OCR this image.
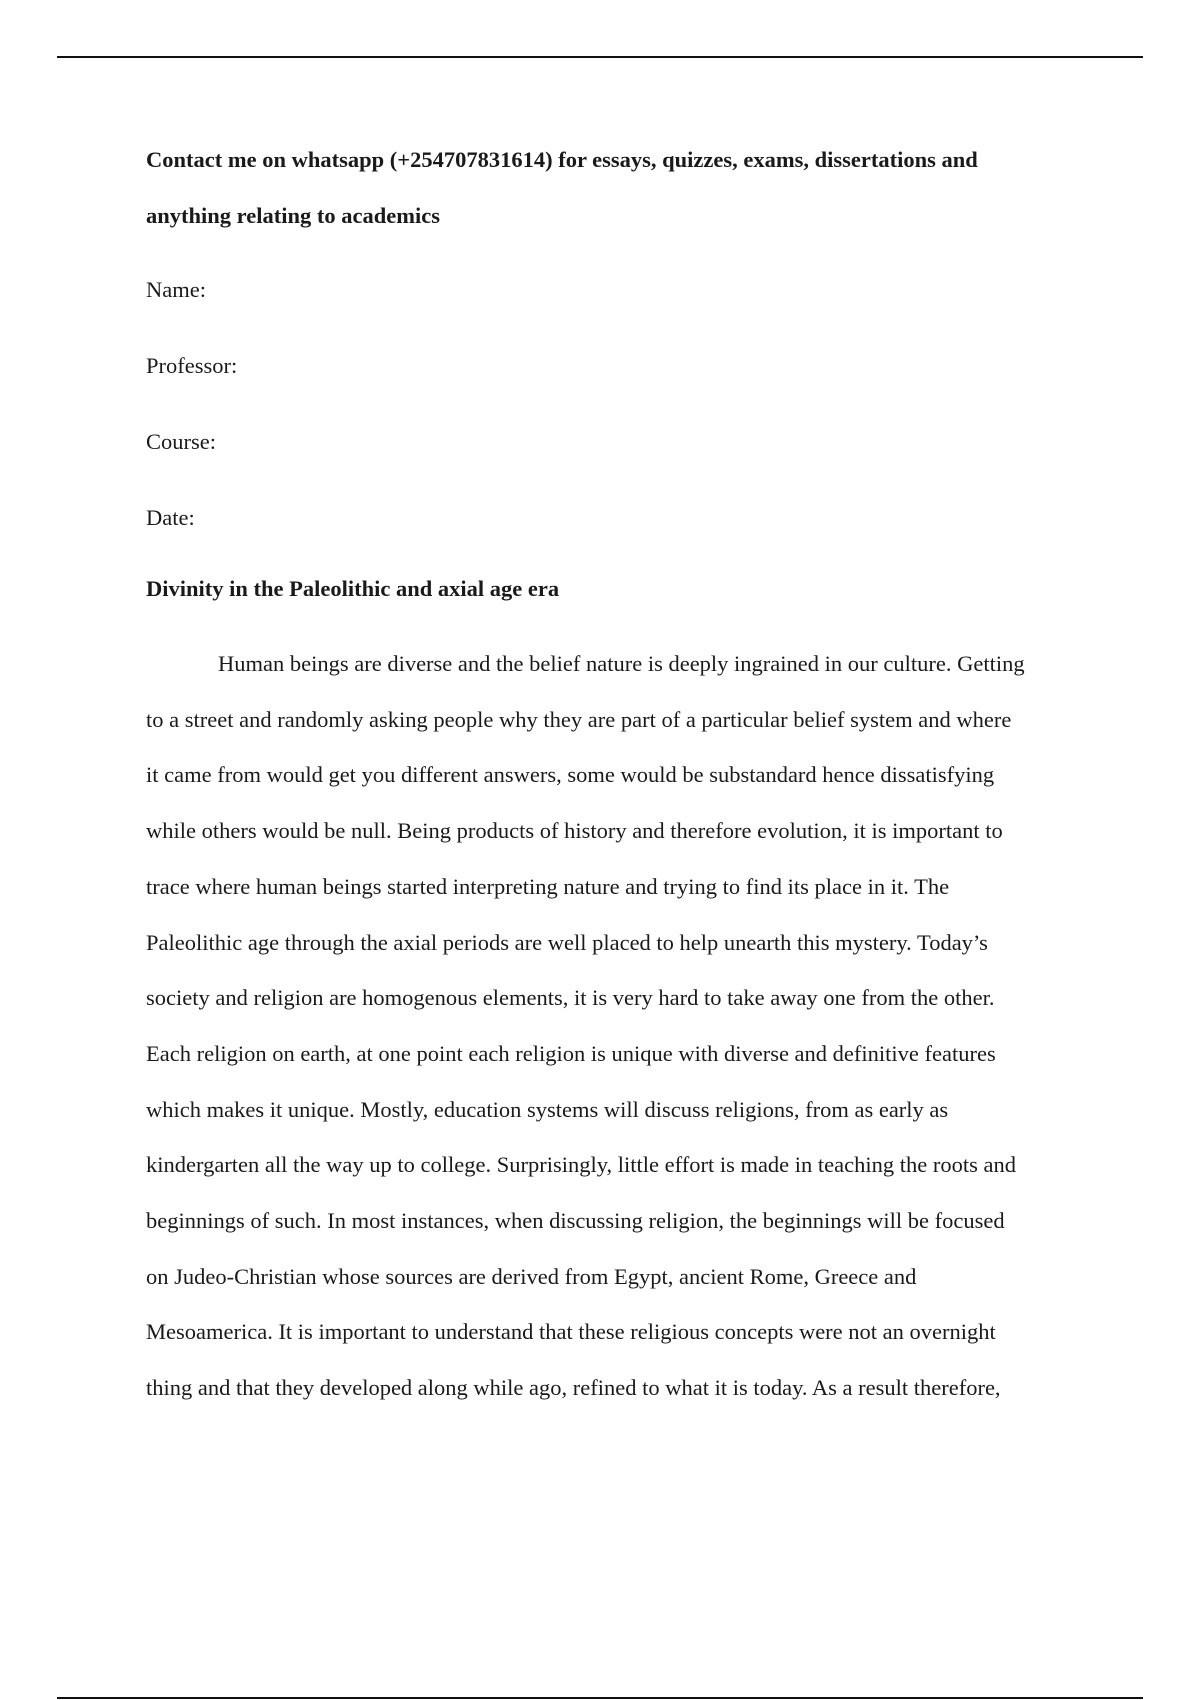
Contact me on whatsapp (+254707831614) for essays, quizzes, exams, dissertations and
anything relating to academics
Name:
Professor:
Course:
Date:
Divinity in the Paleolithic and axial age era
Human beings are diverse and the belief nature is deeply ingrained in our culture. Getting
to a street and randomly asking people why they are part of a particular belief system and where
it came from would get you different answers, some would be substandard hence dissatisfying
while others would be null. Being products of history and therefore evolution, it is important to
trace where human beings started interpreting nature and trying to find its place in it. The
Paleolithic age through the axial periods are well placed to help unearth this mystery. Today’s
society and religion are homogenous elements, it is very hard to take away one from the other.
Each religion on earth, at one point each religion is unique with diverse and definitive features
which makes it unique. Mostly, education systems will discuss religions, from as early as
kindergarten all the way up to college. Surprisingly, little effort is made in teaching the roots and
beginnings of such. In most instances, when discussing religion, the beginnings will be focused
on Judeo-Christian whose sources are derived from Egypt, ancient Rome, Greece and
Mesoamerica. It is important to understand that these religious concepts were not an overnight
thing and that they developed along while ago, refined to what it is today. As a result therefore,
